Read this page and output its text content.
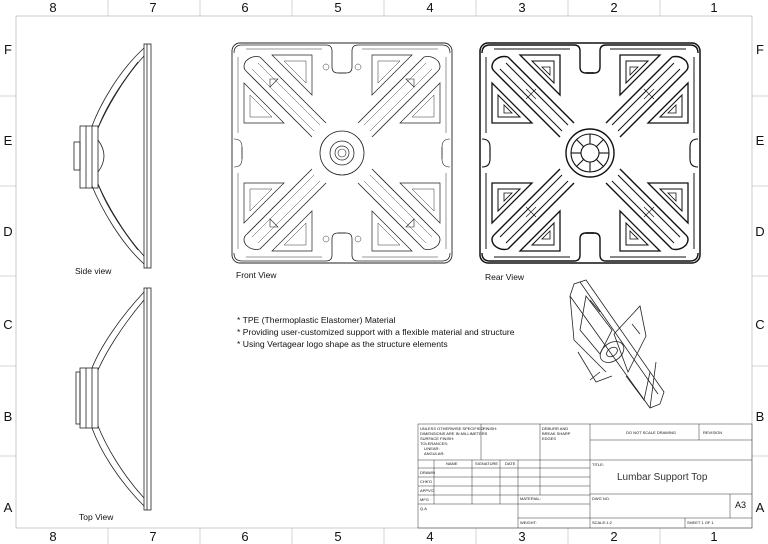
8	7	6	5	4	3	2	1
8	7	6	5	4	3	2	1
F
E
D
C
B
A
F
E
D
C
B
A
Side view	Front View	Rear View
Top View
* TPE (Thermoplastic Elastomer) Material
* Providing user-customized support with a flexible material and structure
* Using Vertagear logo shape as the structure elements
UNLESS OTHERWISE SPECIFIED:
DIMENSIONS ARE IN MILLIMETERS
SURFACE FINISH:
TOLERANCES:
LINEAR:
ANGULAR:
FINISH:	DEBURR AND
BREAK SHARP
EDGES
DO NOT SCALE DRAWING	REVISION
NAME	SIGNATURE DATE
DRAWN
CHK'D
APPV'D
MFG
Q.A
TITLE:
Lumbar Support Top
MATERIAL:	DWG NO.
A3
WEIGHT:	SCALE:1:2	SHEET 1 OF 1
